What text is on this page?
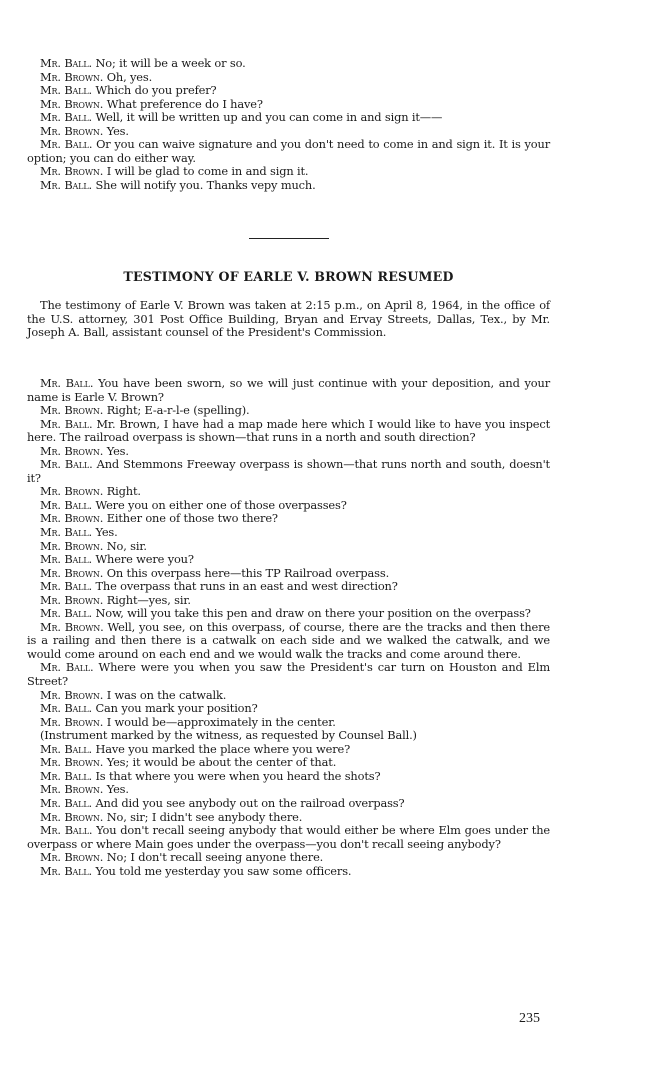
Mr. Ball. No; it will be a week or so.

Mr. Brown. Oh, yes.

Mr. Ball. Which do you prefer?

Mr. Brown. What preference do I have?

Mr. Ball. Well, it will be written up and you can come in and sign it——

Mr. Brown. Yes.

Mr. Ball. Or you can waive signature and you don't need to come in and sign it. It is your option; you can do either way.

Mr. Brown. I will be glad to come in and sign it.

Mr. Ball. She will notify you. Thanks vepy much.

TESTIMONY OF EARLE V. BROWN RESUMED

The testimony of Earle V. Brown was taken at 2:15 p.m., on April 8, 1964, in the office of the U.S. attorney, 301 Post Office Building, Bryan and Ervay Streets, Dallas, Tex., by Mr. Joseph A. Ball, assistant counsel of the President's Commission.

Mr. Ball. You have been sworn, so we will just continue with your deposition, and your name is Earle V. Brown?

Mr. Brown. Right; E-a-r-l-e (spelling).

Mr. Ball. Mr. Brown, I have had a map made here which I would like to have you inspect here. The railroad overpass is shown—that runs in a north and south direction?

Mr. Brown. Yes.

Mr. Ball. And Stemmons Freeway overpass is shown—that runs north and south, doesn't it?

Mr. Brown. Right.

Mr. Ball. Were you on either one of those overpasses?

Mr. Brown. Either one of those two there?

Mr. Ball. Yes.

Mr. Brown. No, sir.

Mr. Ball. Where were you?

Mr. Brown. On this overpass here—this TP Railroad overpass.

Mr. Ball. The overpass that runs in an east and west direction?

Mr. Brown. Right—yes, sir.

Mr. Ball. Now, will you take this pen and draw on there your position on the overpass?

Mr. Brown. Well, you see, on this overpass, of course, there are the tracks and then there is a railing and then there is a catwalk on each side and we walked the catwalk, and we would come around on each end and we would walk the tracks and come around there.

Mr. Ball. Where were you when you saw the President's car turn on Houston and Elm Street?

Mr. Brown. I was on the catwalk.

Mr. Ball. Can you mark your position?

Mr. Brown. I would be—approximately in the center.

(Instrument marked by the witness, as requested by Counsel Ball.)

Mr. Ball. Have you marked the place where you were?

Mr. Brown. Yes; it would be about the center of that.

Mr. Ball. Is that where you were when you heard the shots?

Mr. Brown. Yes.

Mr. Ball. And did you see anybody out on the railroad overpass?

Mr. Brown. No, sir; I didn't see anybody there.

Mr. Ball. You don't recall seeing anybody that would either be where Elm goes under the overpass or where Main goes under the overpass—you don't recall seeing anybody?

Mr. Brown. No; I don't recall seeing anyone there.

Mr. Ball. You told me yesterday you saw some officers.

235
